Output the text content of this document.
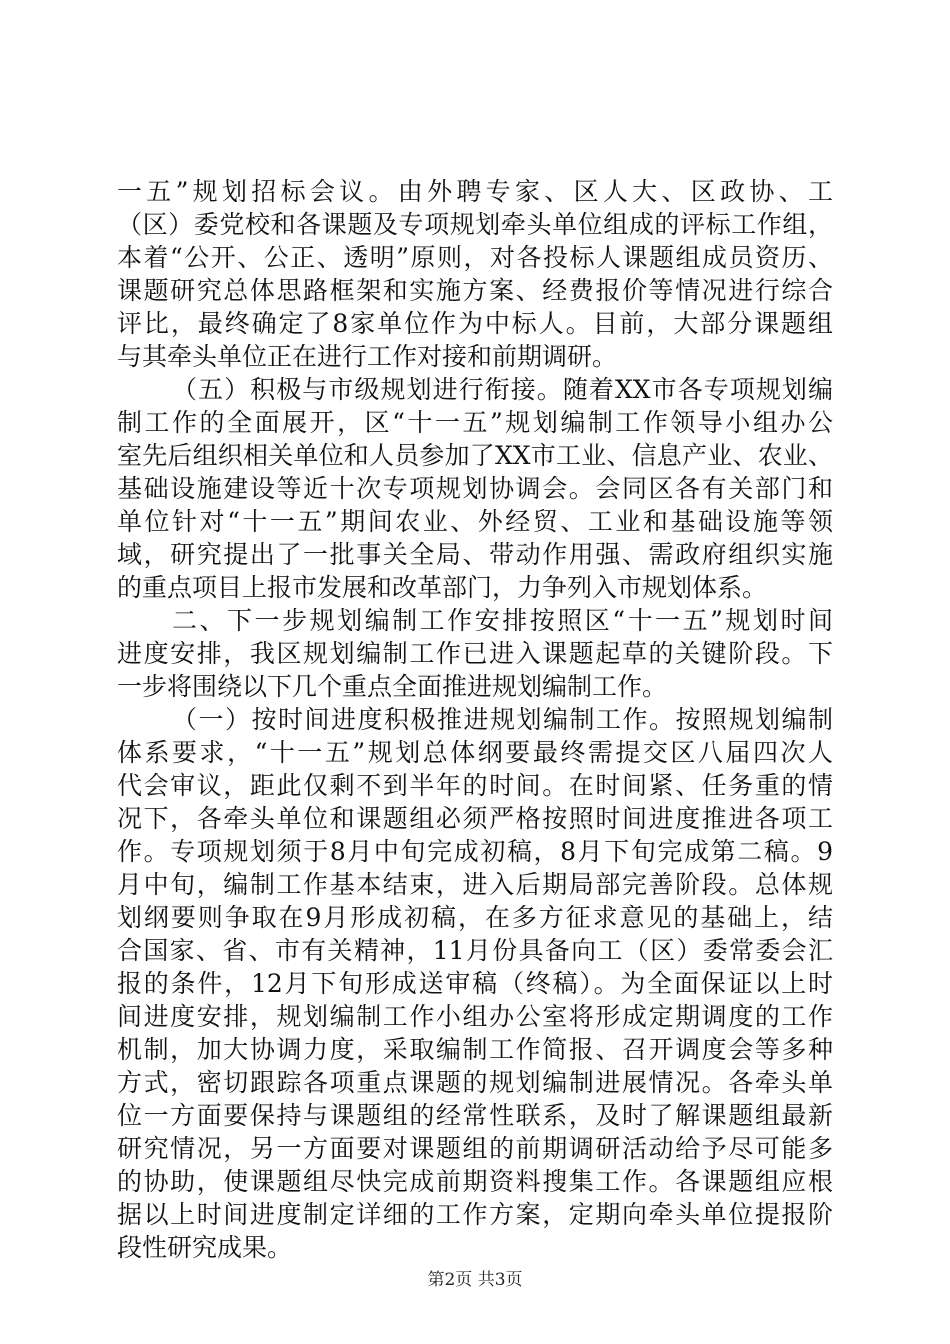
一五”规划招标会议。由外聘专家、区人大、区政协、工
（区）委党校和各课题及专项规划牵头单位组成的评标工作组，
本着“公开、公正、透明”原则，对各投标人课题组成员资历、
课题研究总体思路框架和实施方案、经费报价等情况进行综合
评比，最终确定了8家单位作为中标人。目前，大部分课题组
与其牵头单位正在进行工作对接和前期调研。
（五）积极与市级规划进行衔接。随着XX市各专项规划编
制工作的全面展开，区“十一五”规划编制工作领导小组办公
室先后组织相关单位和人员参加了XX市工业、信息产业、农业、
基础设施建设等近十次专项规划协调会。会同区各有关部门和
单位针对“十一五”期间农业、外经贸、工业和基础设施等领
域，研究提出了一批事关全局、带动作用强、需政府组织实施
的重点项目上报市发展和改革部门，力争列入市规划体系。
二、下一步规划编制工作安排按照区“十一五”规划时间
进度安排，我区规划编制工作已进入课题起草的关键阶段。下
一步将围绕以下几个重点全面推进规划编制工作。
（一）按时间进度积极推进规划编制工作。按照规划编制
体系要求，“十一五”规划总体纲要最终需提交区八届四次人
代会审议，距此仅剩不到半年的时间。在时间紧、任务重的情
况下，各牵头单位和课题组必须严格按照时间进度推进各项工
作。专项规划须于8月中旬完成初稿，8月下旬完成第二稿。9
月中旬，编制工作基本结束，进入后期局部完善阶段。总体规
划纲要则争取在9月形成初稿，在多方征求意见的基础上，结
合国家、省、市有关精神，11月份具备向工（区）委常委会汇
报的条件，12月下旬形成送审稿（终稿）。为全面保证以上时
间进度安排，规划编制工作小组办公室将形成定期调度的工作
机制，加大协调力度，采取编制工作简报、召开调度会等多种
方式，密切跟踪各项重点课题的规划编制进展情况。各牵头单
位一方面要保持与课题组的经常性联系，及时了解课题组最新
研究情况，另一方面要对课题组的前期调研活动给予尽可能多
的协助，使课题组尽快完成前期资料搜集工作。各课题组应根
据以上时间进度制定详细的工作方案，定期向牵头单位提报阶
段性研究成果。
第2页 共3页
